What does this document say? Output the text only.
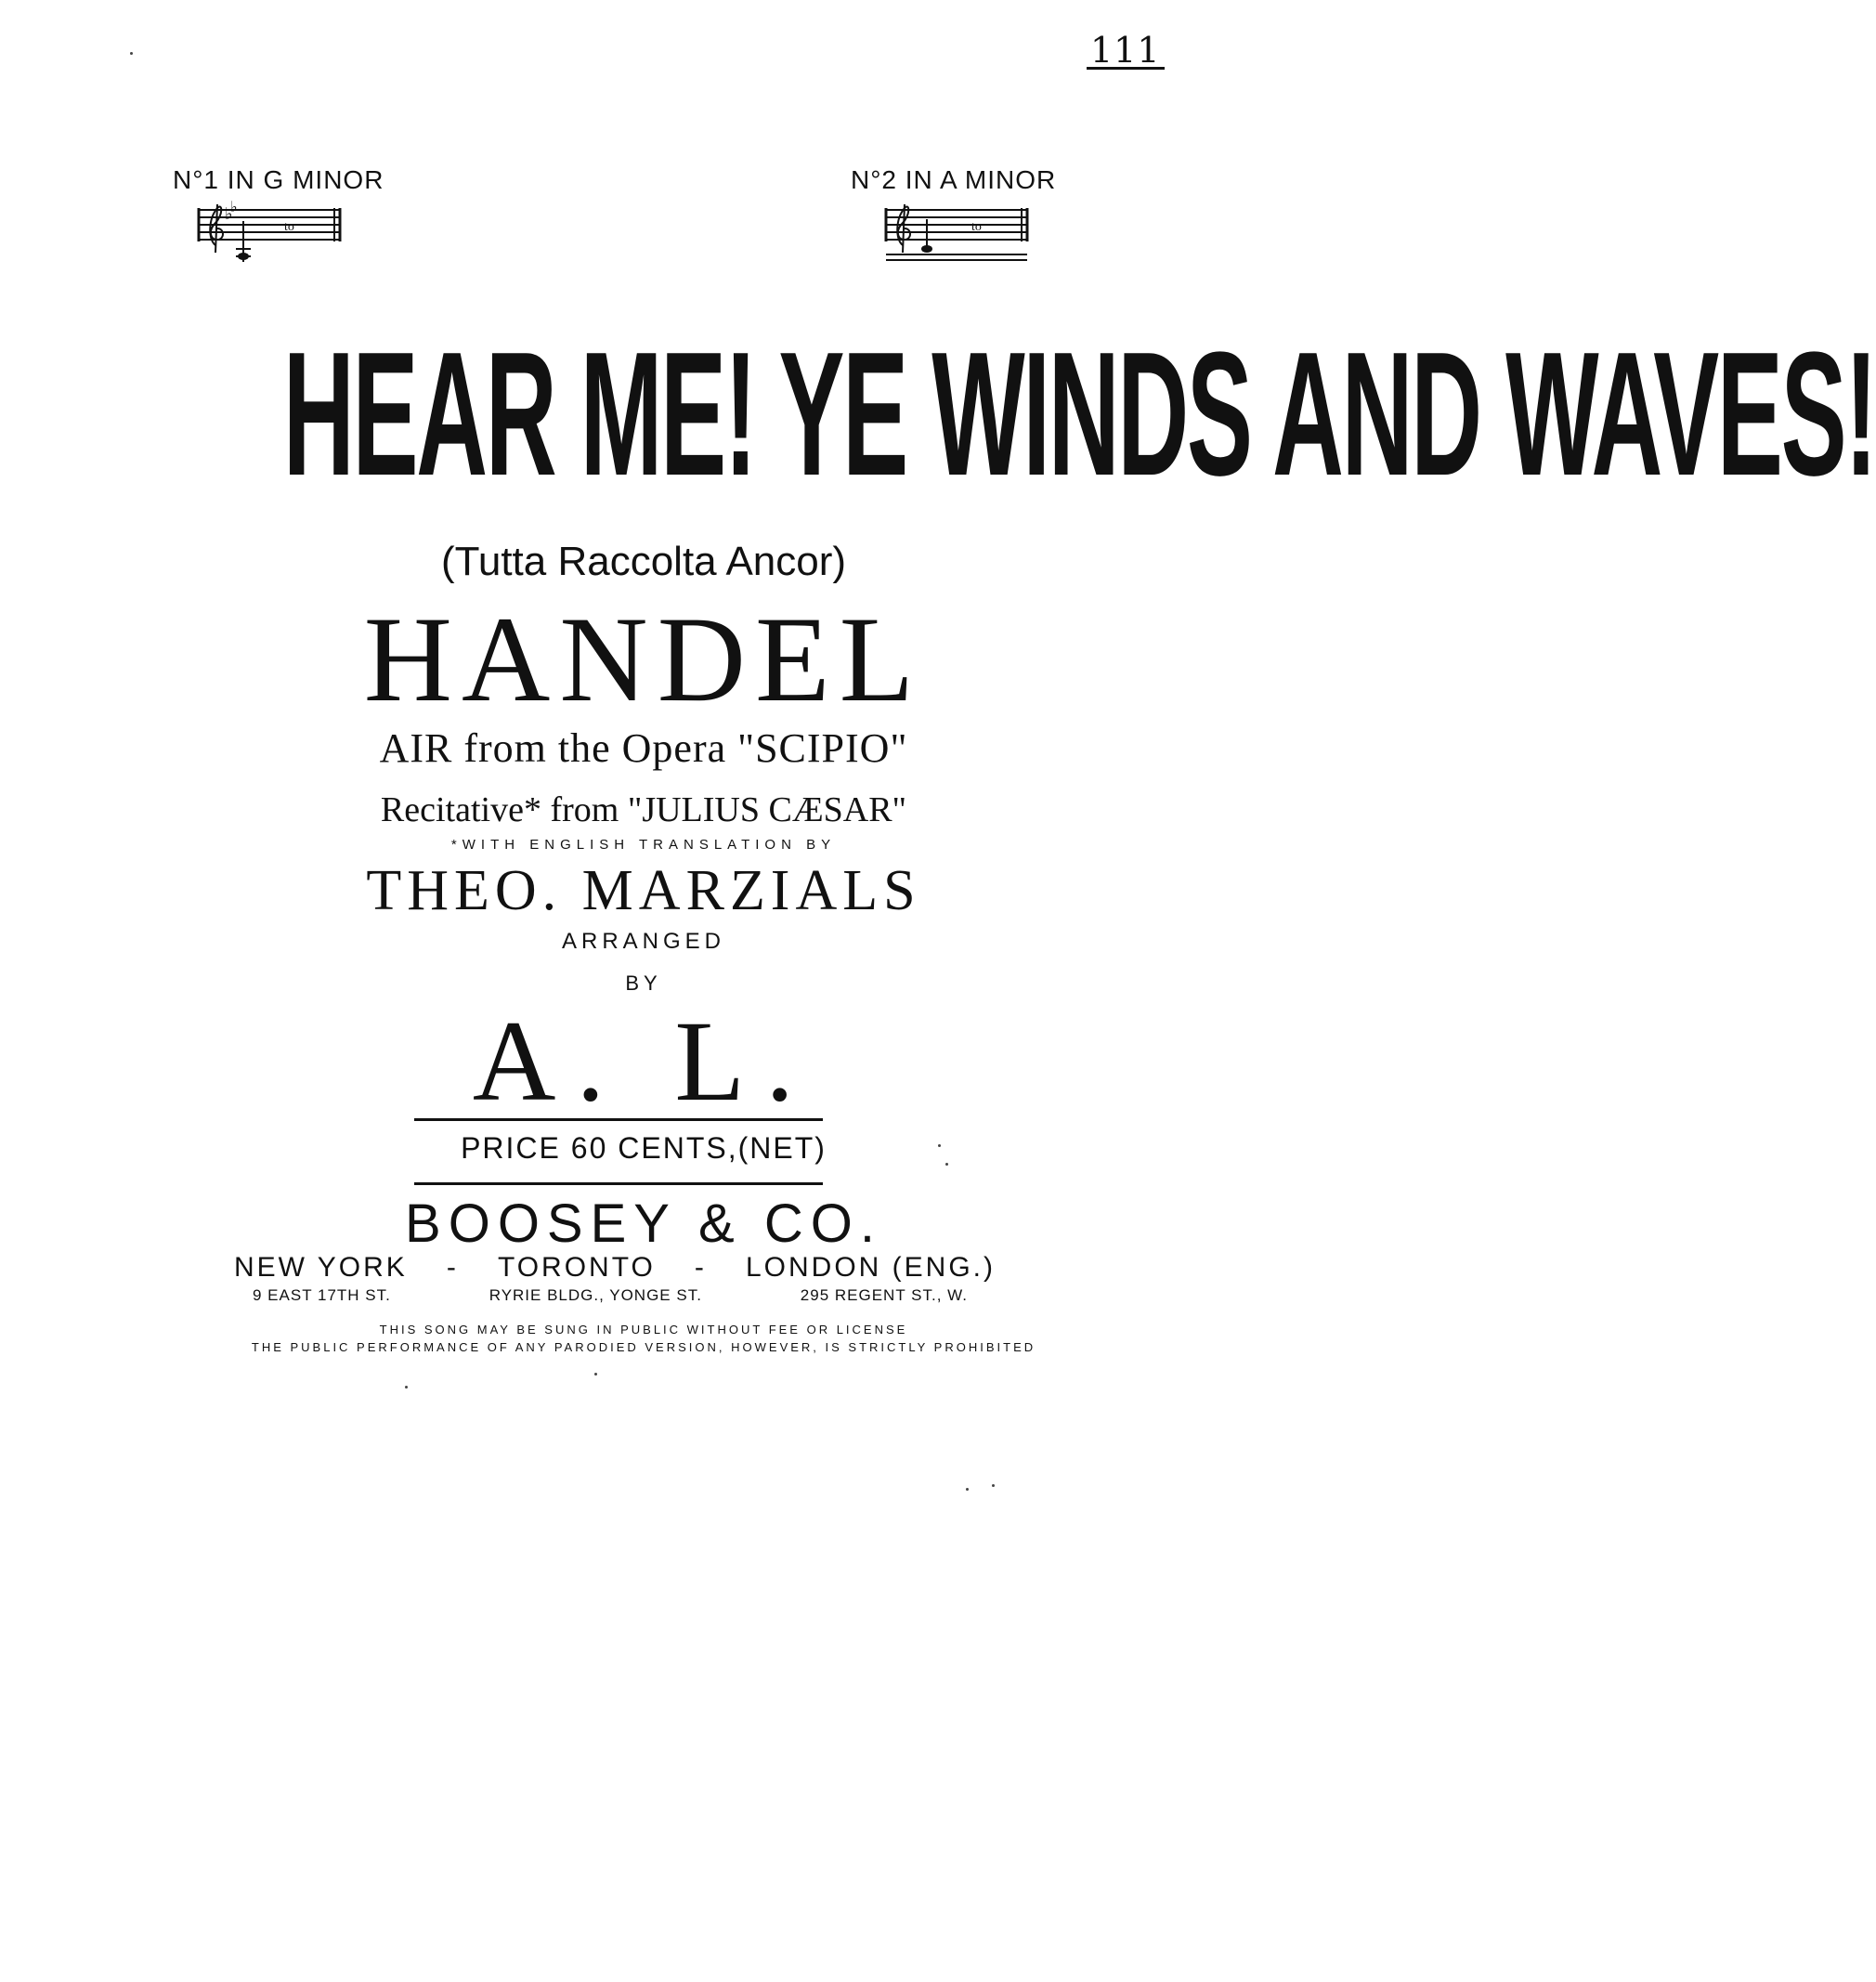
111
N°1 IN G MINOR	N°2 IN A MINOR
♭
♭
to	to
HEAR ME! YE WINDS AND WAVES!
(Tutta Raccolta Ancor)
HANDEL
AIR from the Opera "SCIPIO"
Recitative* from "JULIUS CÆSAR"
*WITH ENGLISH TRANSLATION BY
THEO. MARZIALS
ARRANGED
BY
A. L.
PRICE 60 CENTS,(NET)
BOOSEY & CO.
NEW YORK - TORONTO - LONDON (ENG.)
9 EAST 17TH ST.	RYRIE BLDG., YONGE ST.	295 REGENT ST., W.
THIS SONG MAY BE SUNG IN PUBLIC WITHOUT FEE OR LICENSE
THE PUBLIC PERFORMANCE OF ANY PARODIED VERSION, HOWEVER, IS STRICTLY PROHIBITED
